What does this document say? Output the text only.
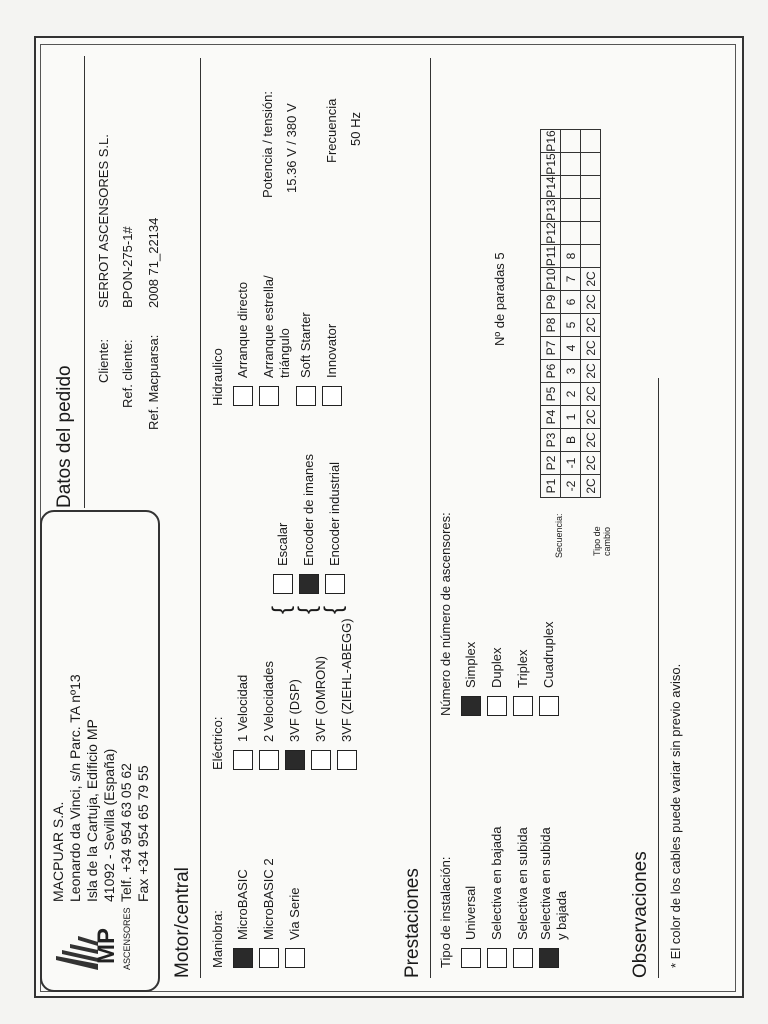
MP ASCENSORES
MACPUAR S.A. Leonardo da Vinci, s/n Parc. TA nº13 Isla de la Cartuja, Edificio MP 41092 - Sevilla (España) Telf. +34 954 63 05 62 Fax +34 954 65 79 55
Datos del pedido
Cliente:
SERROT ASCENSORES S.L.
Ref. cliente:
BPON-275-1#
Ref. Macpuarsa:
2008 71_22134
Motor/central Maniobra: MicroBASIC MicroBASIC 2 Via Serie
Eléctrico:
1 Velocidad 2 Velocidades 3VF (DSP) 3VF (OMRON) 3VF (ZIEHL-ABEGG)
{ { {
Escalar Encoder de imanes Encoder industrial
Hidraulico Arranque directo Arranque estrella/ triángulo Soft Starter Innovator
Potencia / tensión: 15.36 V / 380 V Frecuencia 50 Hz
Prestaciones Tipo de instalación: Universal Selectiva en bajada Selectiva en subida Selectiva en subida y bajada
Número de número de ascensores: Simplex Duplex Triplex Cuadruplex
Nº de paradas 5
Secuencia:	Tipo de cambio
P1	P2	P3	P4	P5	P6	P7	P8	P9	P10	P11	P12	P13	P14	P15	P16
-2	-1	B	1	2	3	4	5	6	7	8					
2C	2C	2C	2C	2C	2C	2C	2C	2C	2C						
Observaciones * El color de los cables puede variar sin previo aviso.
